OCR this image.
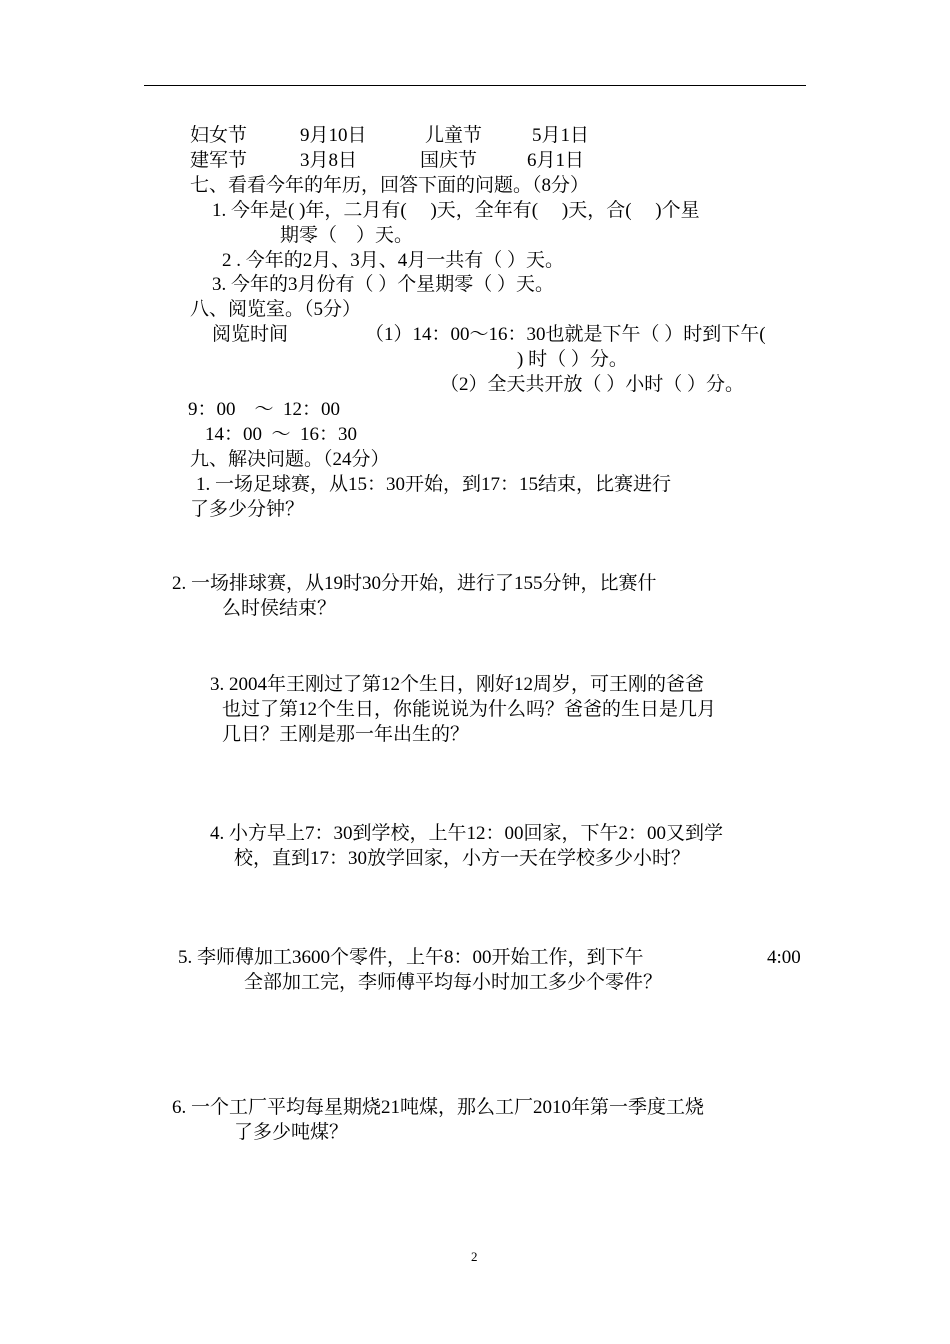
妇女节	9月10日	儿童节	5月1日
建军节	3月8日	国庆节	6月1日
七、看看今年的年历，回答下面的问题。（8分）
1. 今年是( )年，二月有(     )天，全年有(     )天，合(     )个星
期零（    ）天。
2 . 今年的2月、3月、4月一共有（ ）天。
3. 今年的3月份有（ ）个星期零（ ）天。
八、阅览室。（5分）
阅览时间	（1）14：00～16：30也就是下午（ ）时到下午(
) 时（ ）分。
（2）全天共开放（ ）小时（ ）分。
9：00    ～  12：00
14：00  ～  16：30
九、解决问题。（24分）
1. 一场足球赛，从15：30开始，到17：15结束，比赛进行
了多少分钟？
2. 一场排球赛，从19时30分开始，进行了155分钟，比赛什
么时侯结束？
3. 2004年王刚过了第12个生日，刚好12周岁，可王刚的爸爸
也过了第12个生日，你能说说为什么吗？爸爸的生日是几月
几日？王刚是那一年出生的？
4. 小方早上7：30到学校，上午12：00回家，下午2：00又到学
校，直到17：30放学回家，小方一天在学校多少小时？
5. 李师傅加工3600个零件，上午8：00开始工作，到下午	4:00
全部加工完，李师傅平均每小时加工多少个零件？
6. 一个工厂平均每星期烧21吨煤，那么工厂2010年第一季度工烧
了多少吨煤？
2
